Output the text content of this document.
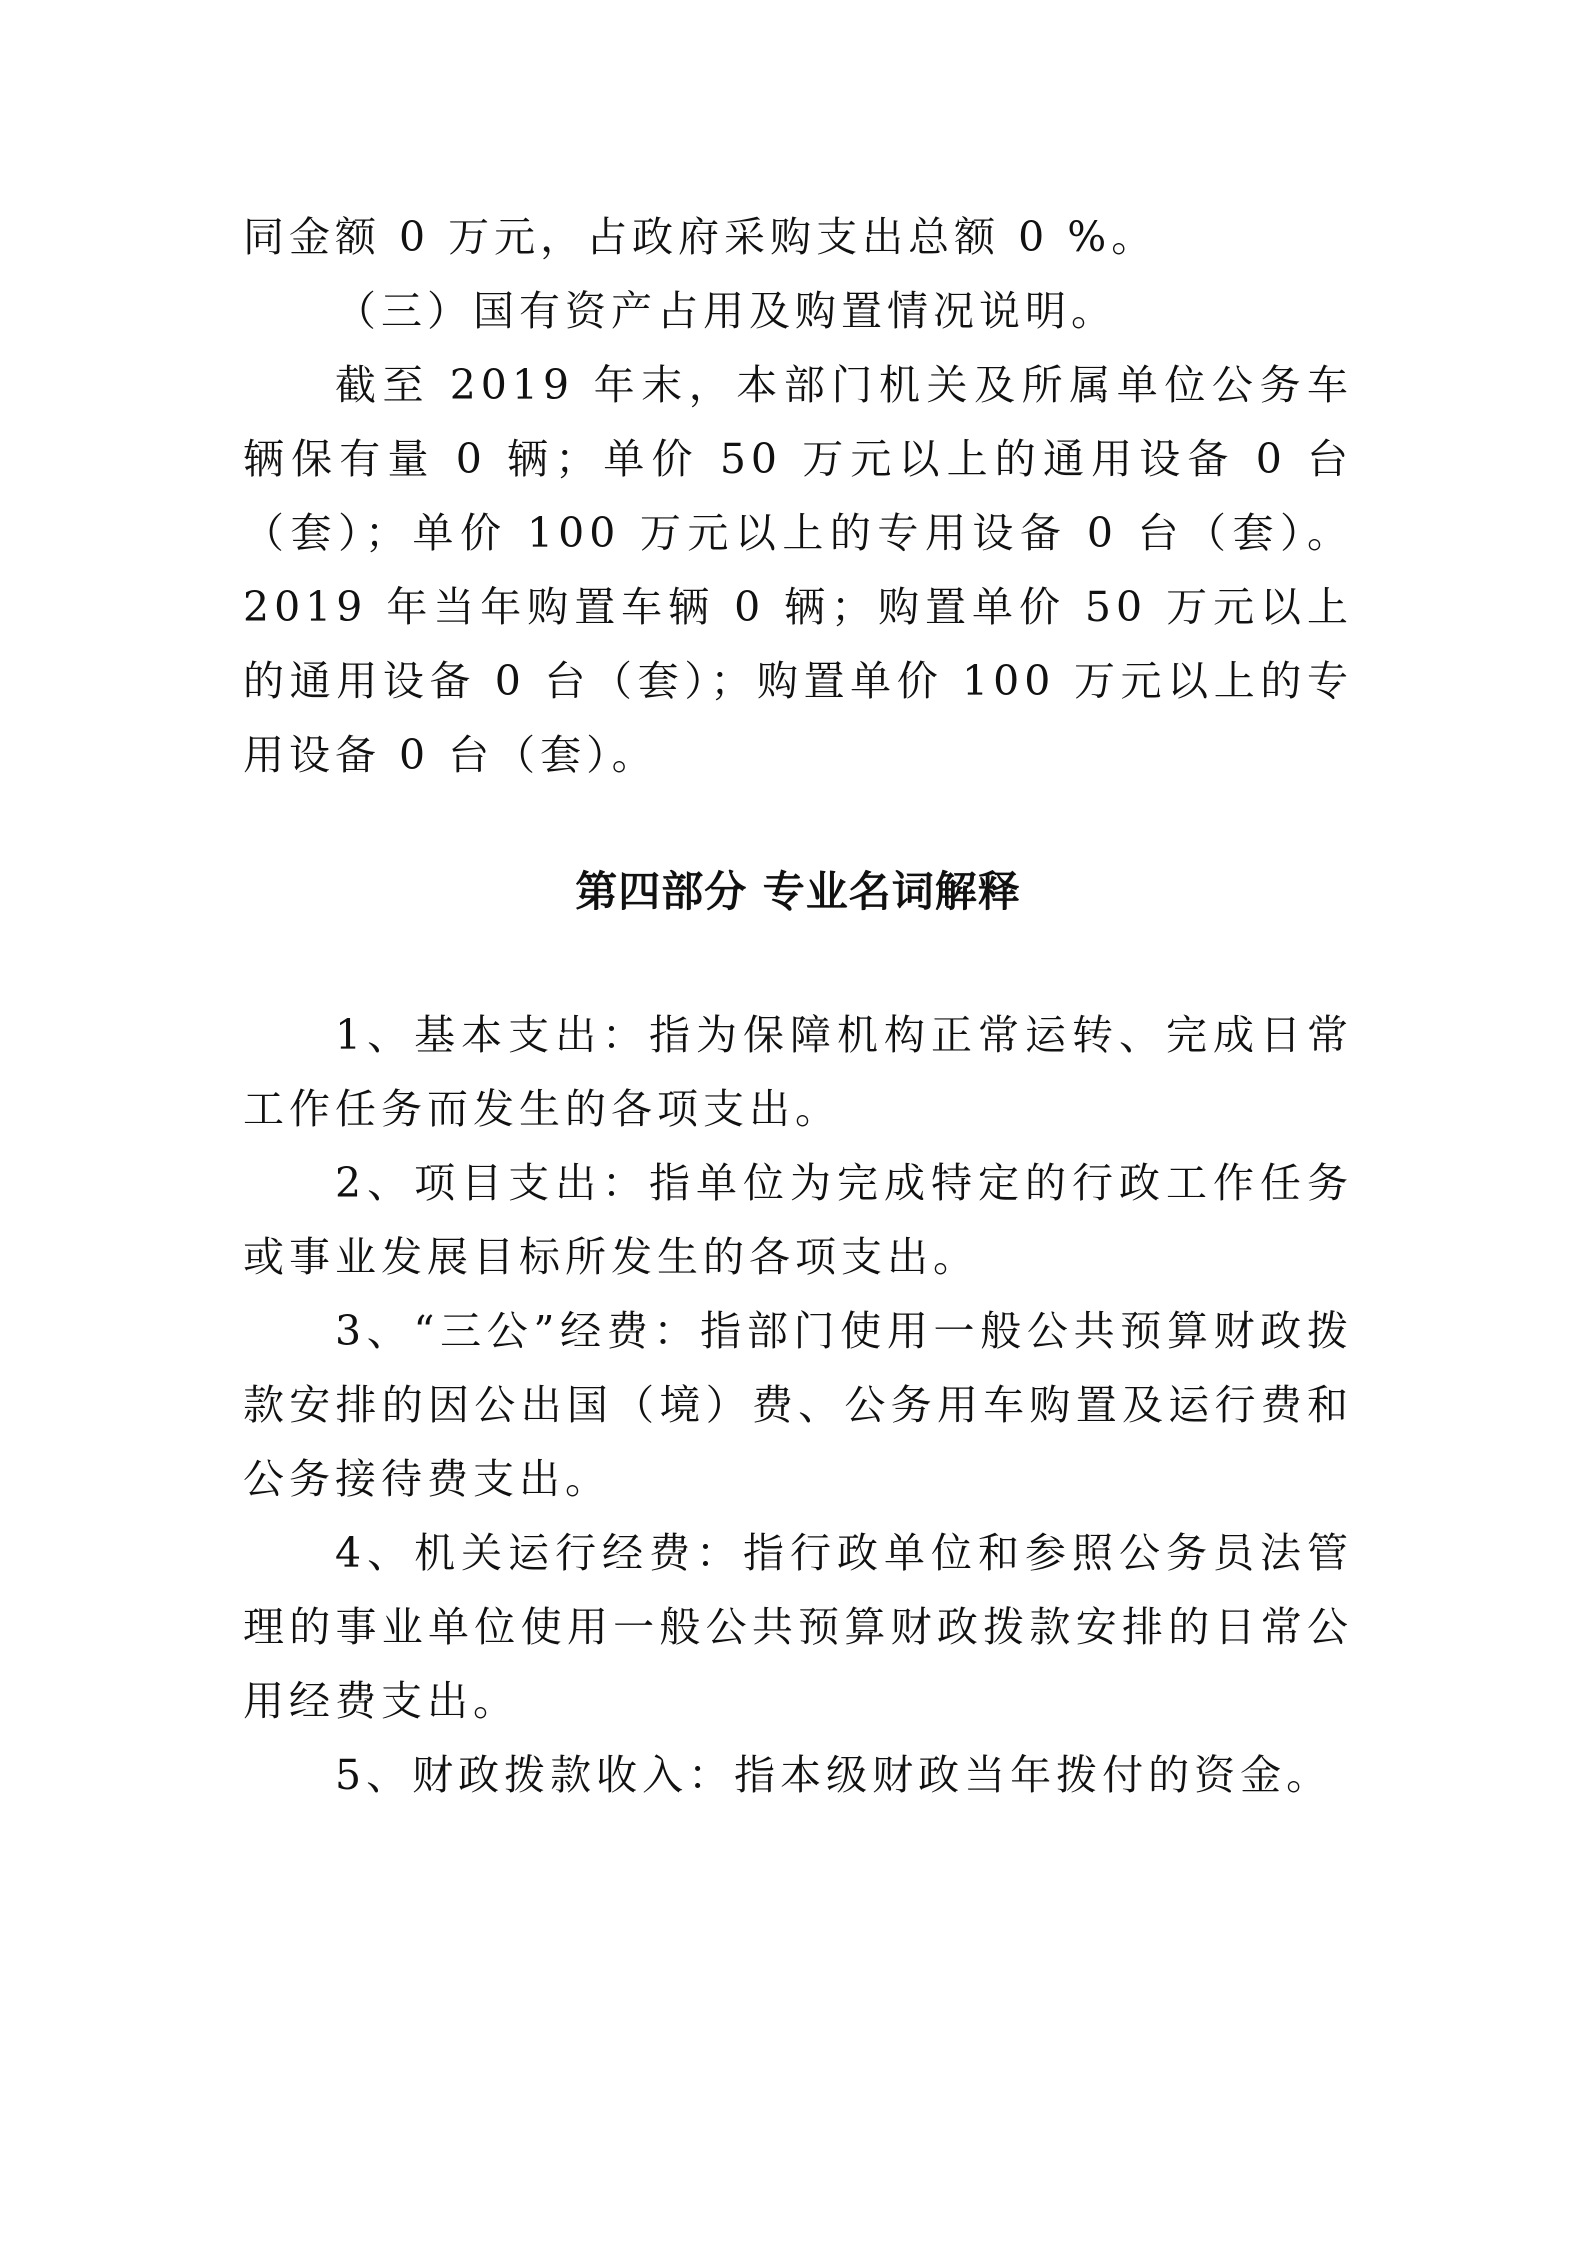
同金额 0 万元，占政府采购支出总额 0 %。

（三）国有资产占用及购置情况说明。

截至 2019 年末，本部门机关及所属单位公务车辆保有量 0 辆；单价 50 万元以上的通用设备 0 台（套）；单价 100 万元以上的专用设备 0 台（套）。2019 年当年购置车辆 0 辆；购置单价 50 万元以上的通用设备 0 台（套）；购置单价 100 万元以上的专用设备 0 台（套）。

第四部分 专业名词解释

1、基本支出：指为保障机构正常运转、完成日常工作任务而发生的各项支出。

2、项目支出：指单位为完成特定的行政工作任务或事业发展目标所发生的各项支出。

3、“三公”经费：指部门使用一般公共预算财政拨款安排的因公出国（境）费、公务用车购置及运行费和公务接待费支出。

4、机关运行经费：指行政单位和参照公务员法管理的事业单位使用一般公共预算财政拨款安排的日常公用经费支出。

5、财政拨款收入：指本级财政当年拨付的资金。
